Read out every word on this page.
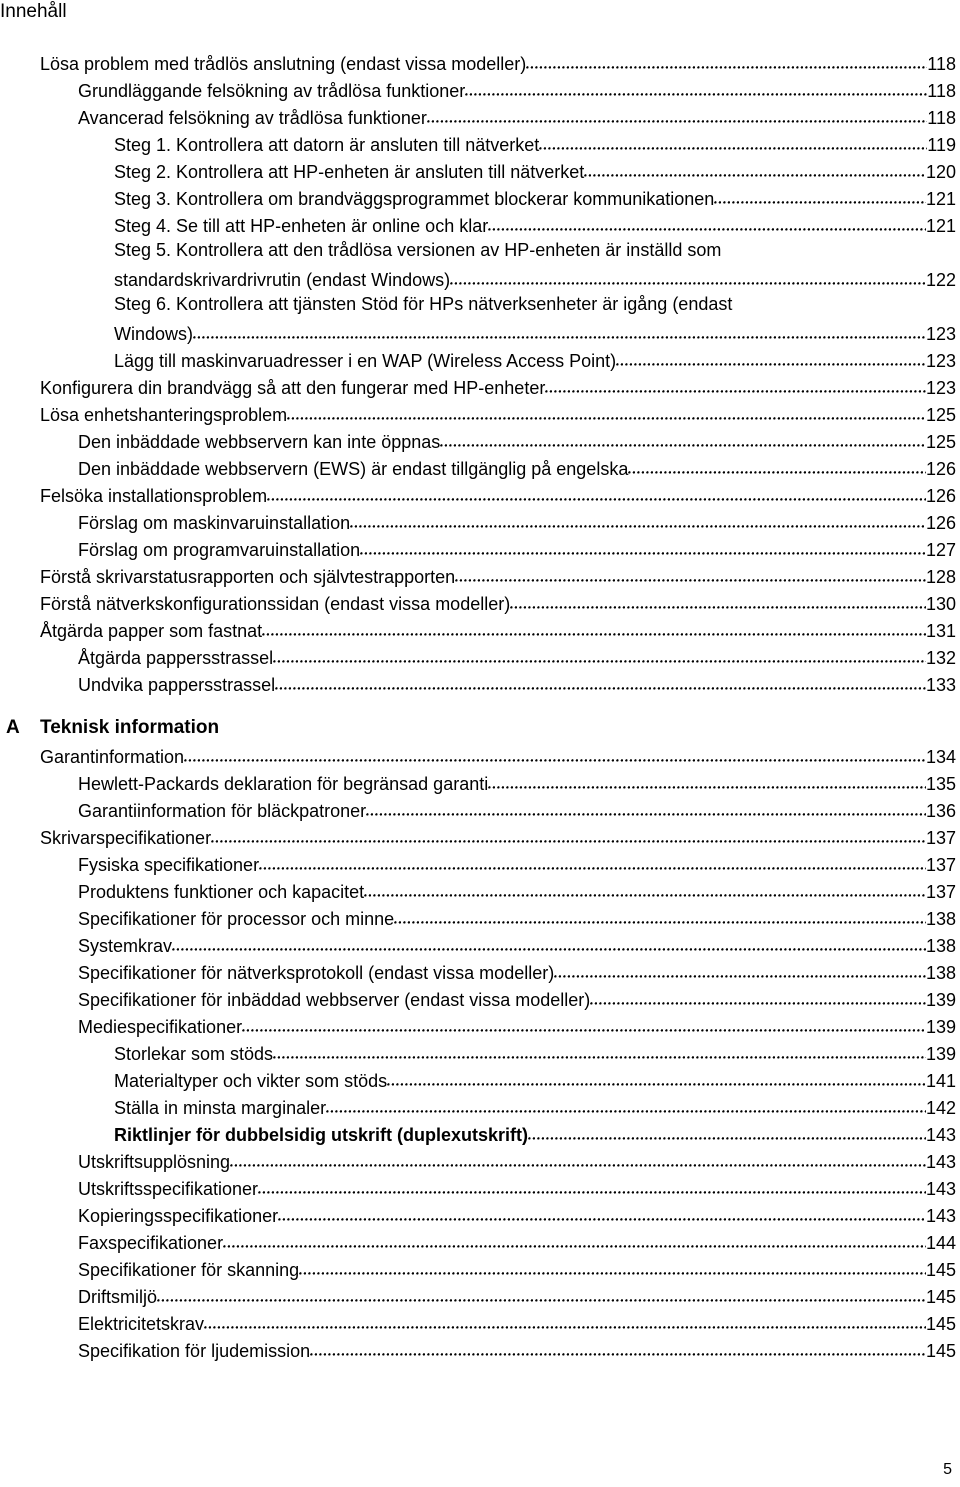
Innehåll
Lösa problem med trådlös anslutning (endast vissa modeller)	118
Grundläggande felsökning av trådlösa funktioner	118
Avancerad felsökning av trådlösa funktioner	118
Steg 1. Kontrollera att datorn är ansluten till nätverket	119
Steg 2. Kontrollera att HP-enheten är ansluten till nätverket	120
Steg 3. Kontrollera om brandväggsprogrammet blockerar kommunikationen	121
Steg 4. Se till att HP-enheten är online och klar	121
Steg 5. Kontrollera att den trådlösa versionen av HP-enheten är inställd som
standardskrivardrivrutin (endast Windows)	122
Steg 6. Kontrollera att tjänsten Stöd för HPs nätverksenheter är igång (endast
Windows)	123
Lägg till maskinvaruadresser i en WAP (Wireless Access Point)	123
Konfigurera din brandvägg så att den fungerar med HP-enheter	123
Lösa enhetshanteringsproblem	125
Den inbäddade webbservern kan inte öppnas	125
Den inbäddade webbservern (EWS) är endast tillgänglig på engelska	126
Felsöka installationsproblem	126
Förslag om maskinvaruinstallation	126
Förslag om programvaruinstallation	127
Förstå skrivarstatusrapporten och självtestrapporten	128
Förstå nätverkskonfigurationssidan (endast vissa modeller)	130
Åtgärda papper som fastnat	131
Åtgärda pappersstrassel	132
Undvika pappersstrassel	133
A Teknisk information
Garantinformation	134
Hewlett-Packards deklaration för begränsad garanti	135
Garantiinformation för bläckpatroner	136
Skrivarspecifikationer	137
Fysiska specifikationer	137
Produktens funktioner och kapacitet	137
Specifikationer för processor och minne	138
Systemkrav	138
Specifikationer för nätverksprotokoll (endast vissa modeller)	138
Specifikationer för inbäddad webbserver (endast vissa modeller)	139
Mediespecifikationer	139
Storlekar som stöds	139
Materialtyper och vikter som stöds	141
Ställa in minsta marginaler	142
Riktlinjer för dubbelsidig utskrift (duplexutskrift)	143
Utskriftsupplösning	143
Utskriftsspecifikationer	143
Kopieringsspecifikationer	143
Faxspecifikationer	144
Specifikationer för skanning	145
Driftsmiljö	145
Elektricitetskrav	145
Specifikation för ljudemission	145
5
